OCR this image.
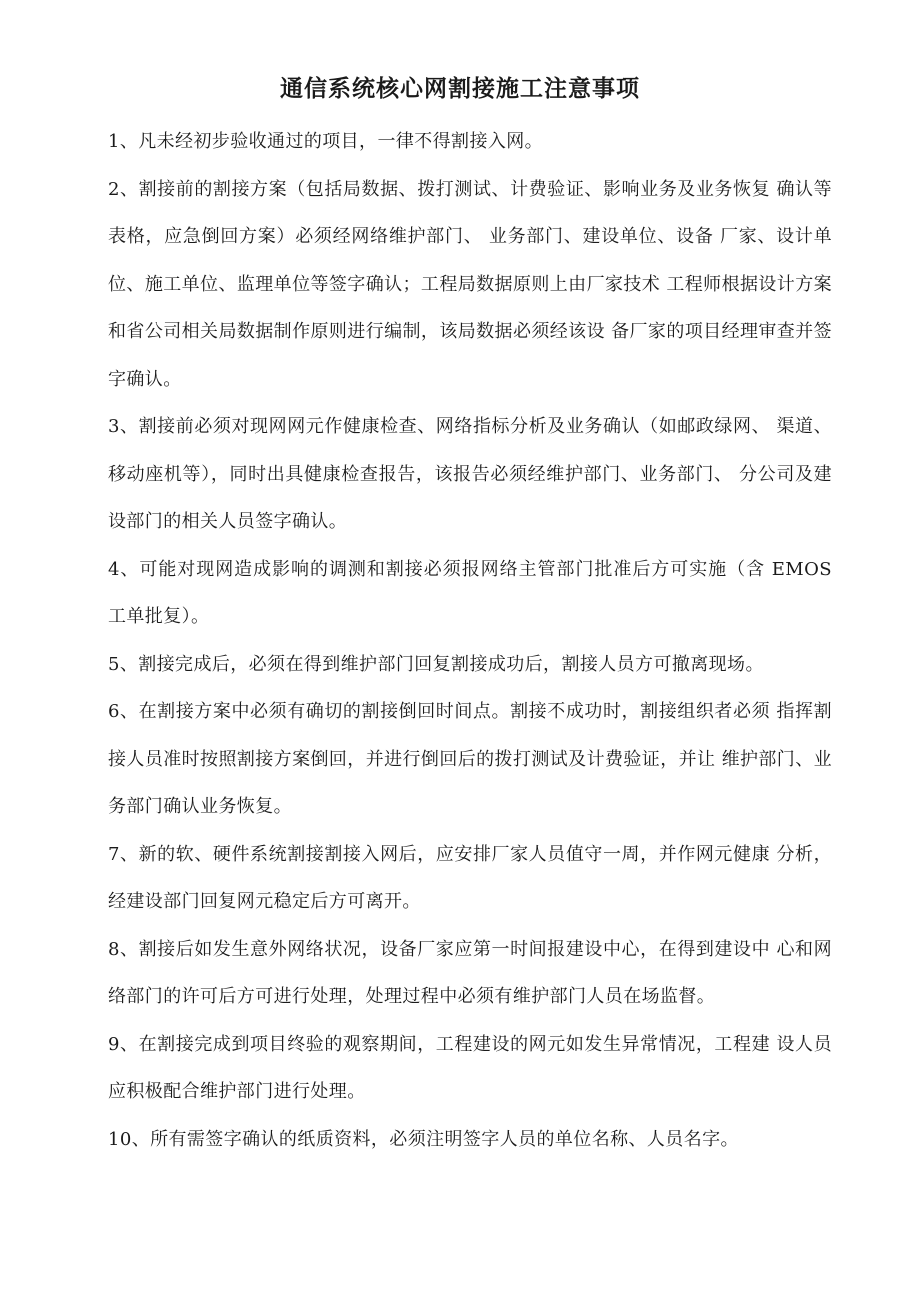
通信系统核心网割接施工注意事项

1、凡未经初步验收通过的项目，一律不得割接入网。

2、割接前的割接方案（包括局数据、拨打测试、计费验证、影响业务及业务恢复 确认等表格，应急倒回方案）必须经网络维护部门、 业务部门、建设单位、设备 厂家、设计单位、施工单位、监理单位等签字确认；工程局数据原则上由厂家技术 工程师根据设计方案和省公司相关局数据制作原则进行编制，该局数据必须经该设 备厂家的项目经理审查并签字确认。

3、割接前必须对现网网元作健康检查、网络指标分析及业务确认（如邮政绿网、 渠道、移动座机等），同时出具健康检查报告，该报告必须经维护部门、业务部门、 分公司及建设部门的相关人员签字确认。

4、可能对现网造成影响的调测和割接必须报网络主管部门批准后方可实施（含 EMOS 工单批复）。

5、割接完成后，必须在得到维护部门回复割接成功后，割接人员方可撤离现场。

6、在割接方案中必须有确切的割接倒回时间点。割接不成功时，割接组织者必须 指挥割接人员准时按照割接方案倒回，并进行倒回后的拨打测试及计费验证，并让 维护部门、业务部门确认业务恢复。

7、新的软、硬件系统割接割接入网后，应安排厂家人员值守一周，并作网元健康 分析，经建设部门回复网元稳定后方可离开。

8、割接后如发生意外网络状况，设备厂家应第一时间报建设中心，在得到建设中 心和网络部门的许可后方可进行处理，处理过程中必须有维护部门人员在场监督。

9、在割接完成到项目终验的观察期间，工程建设的网元如发生异常情况，工程建 设人员应积极配合维护部门进行处理。

10、所有需签字确认的纸质资料，必须注明签字人员的单位名称、人员名字。
